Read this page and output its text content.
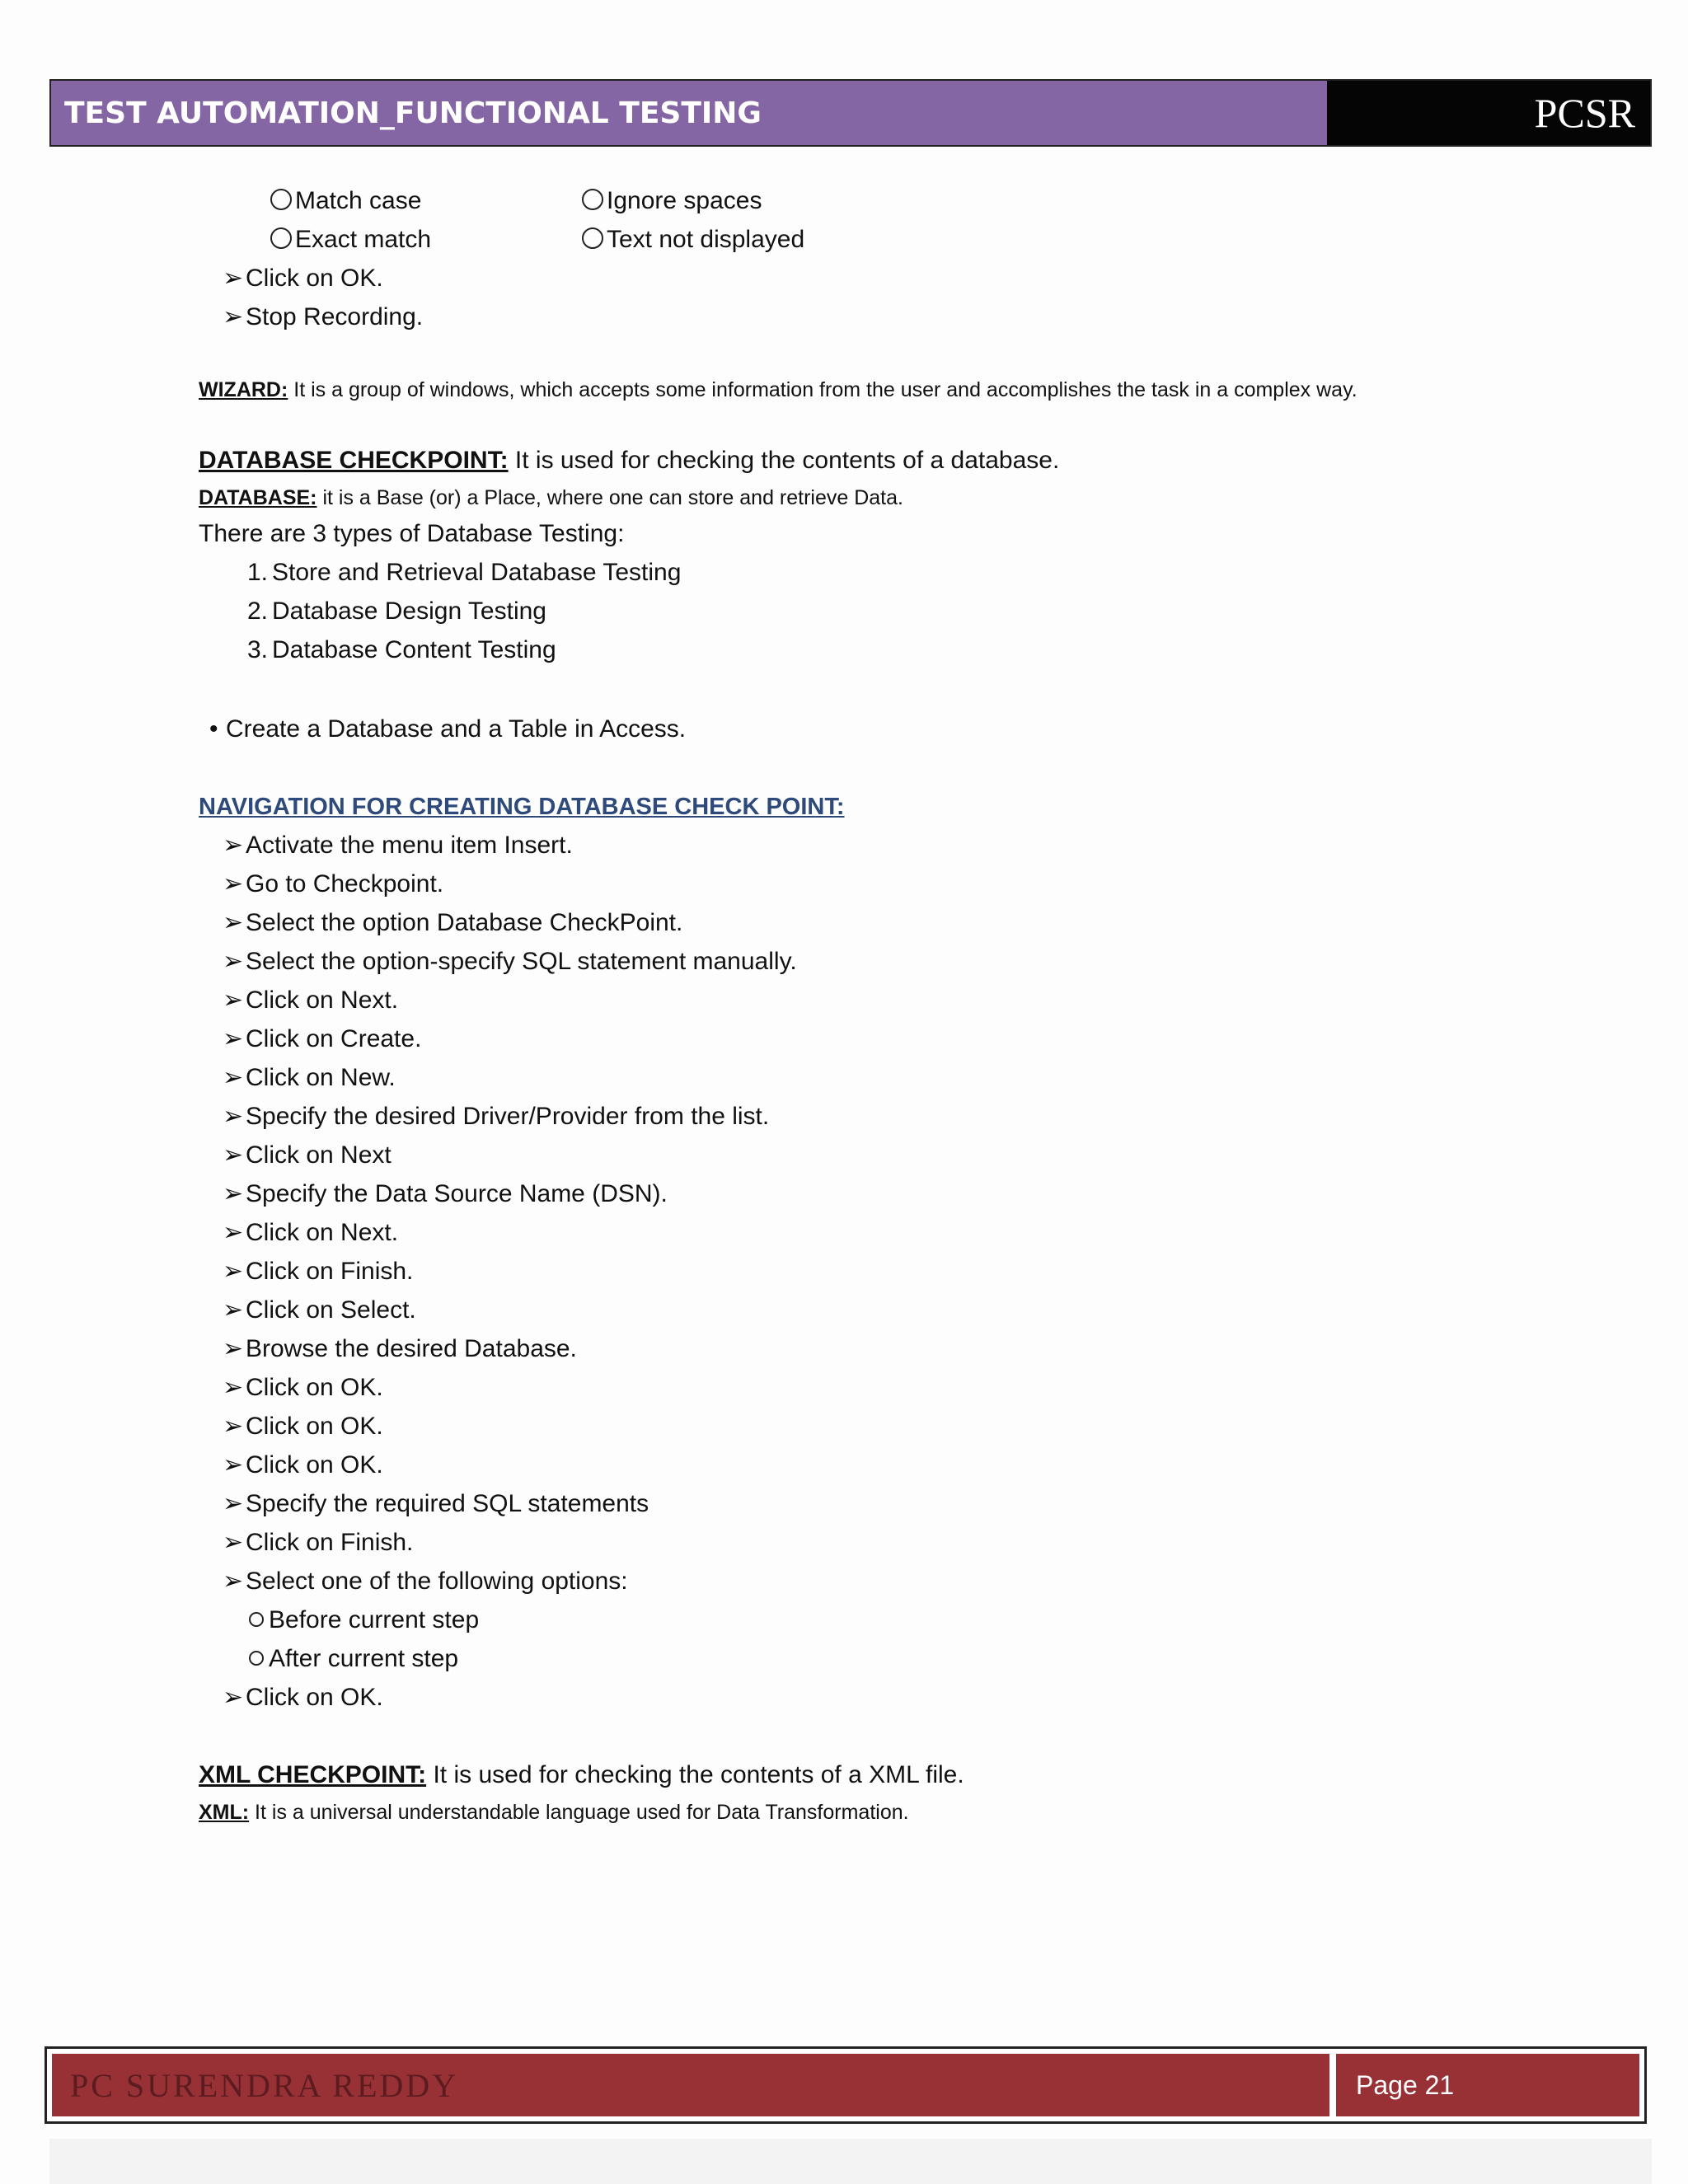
TEST AUTOMATION_FUNCTIONAL TESTING	PCSR
Match case	Ignore spaces
Exact match	Text not displayed
➢Click on OK.
➢Stop Recording.
WIZARD: It is a group of windows, which accepts some information from the user and accomplishes the task in a complex way.
DATABASE CHECKPOINT: It is used for checking the contents of a database.
DATABASE: it is a Base (or) a Place, where one can store and retrieve Data.
There are 3 types of Database Testing:
1. Store and Retrieval Database Testing
2. Database Design Testing
3. Database Content Testing
• Create a Database and a Table in Access.
NAVIGATION FOR CREATING DATABASE CHECK POINT:
➢Activate the menu item Insert.
➢Go to Checkpoint.
➢Select the option Database CheckPoint.
➢Select the option-specify SQL statement manually.
➢Click on Next.
➢Click on Create.
➢Click on New.
➢Specify the desired Driver/Provider from the list.
➢Click on Next
➢Specify the Data Source Name (DSN).
➢Click on Next.
➢Click on Finish.
➢Click on Select.
➢Browse the desired Database.
➢Click on OK.
➢Click on OK.
➢Click on OK.
➢Specify the required SQL statements
➢Click on Finish.
➢Select one of the following options:
Before current step
After current step
➢Click on OK.
XML CHECKPOINT: It is used for checking the contents of a XML file.
XML: It is a universal understandable language used for Data Transformation.
PC SURENDRA REDDY	Page 21
